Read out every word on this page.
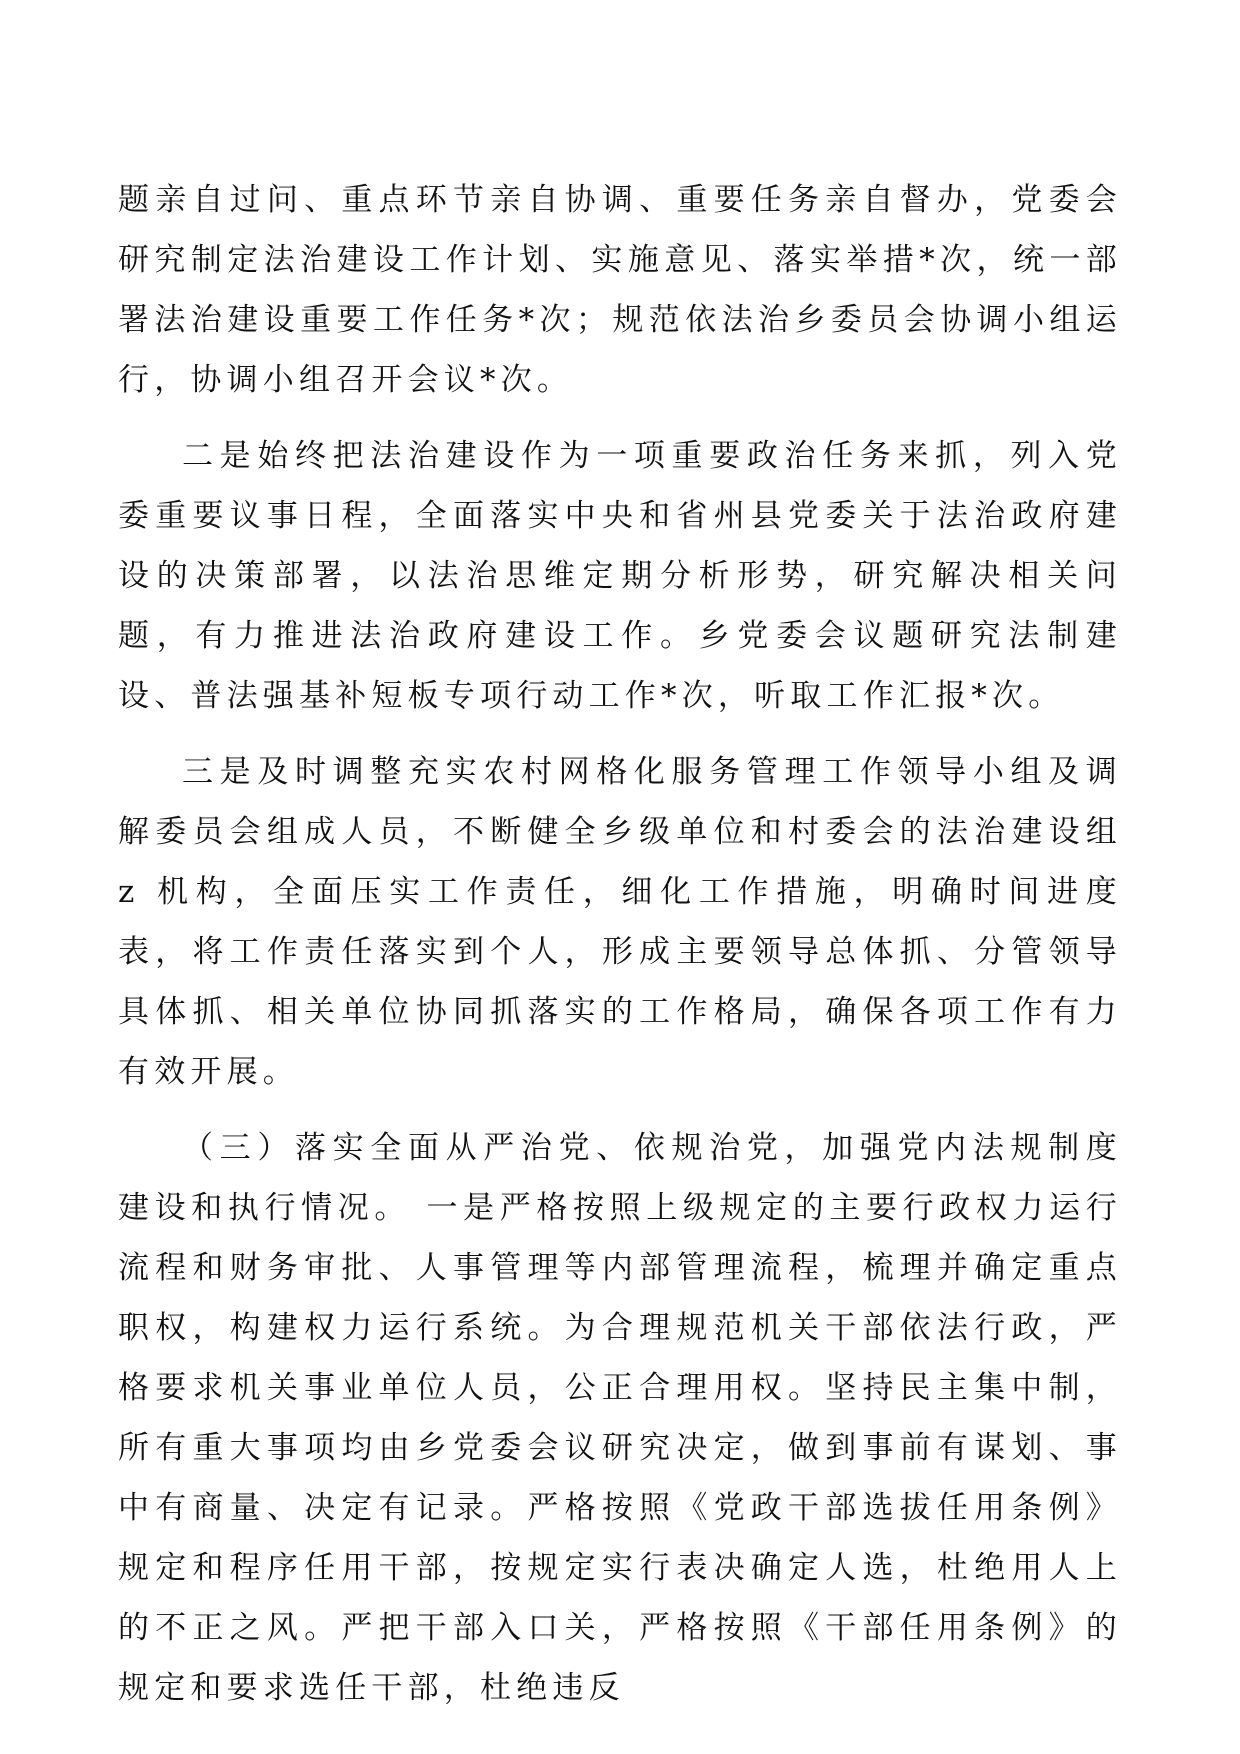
题亲自过问、重点环节亲自协调、重要任务亲自督办，党委会研究制定法治建设工作计划、实施意见、落实举措*次，统一部署法治建设重要工作任务*次；规范依法治乡委员会协调小组运行，协调小组召开会议*次。

二是始终把法治建设作为一项重要政治任务来抓，列入党委重要议事日程，全面落实中央和省州县党委关于法治政府建设的决策部署，以法治思维定期分析形势，研究解决相关问题，有力推进法治政府建设工作。乡党委会议题研究法制建设、普法强基补短板专项行动工作*次，听取工作汇报*次。

三是及时调整充实农村网格化服务管理工作领导小组及调解委员会组成人员，不断健全乡级单位和村委会的法治建设组 z 机构，全面压实工作责任，细化工作措施，明确时间进度表，将工作责任落实到个人，形成主要领导总体抓、分管领导具体抓、相关单位协同抓落实的工作格局，确保各项工作有力有效开展。

（三）落实全面从严治党、依规治党，加强党内法规制度建设和执行情况。 一是严格按照上级规定的主要行政权力运行流程和财务审批、人事管理等内部管理流程，梳理并确定重点职权，构建权力运行系统。为合理规范机关干部依法行政，严格要求机关事业单位人员，公正合理用权。坚持民主集中制，所有重大事项均由乡党委会议研究决定，做到事前有谋划、事中有商量、决定有记录。严格按照《党政干部选拔任用条例》规定和程序任用干部，按规定实行表决确定人选，杜绝用人上的不正之风。严把干部入口关，严格按照《干部任用条例》的规定和要求选任干部，杜绝违反
